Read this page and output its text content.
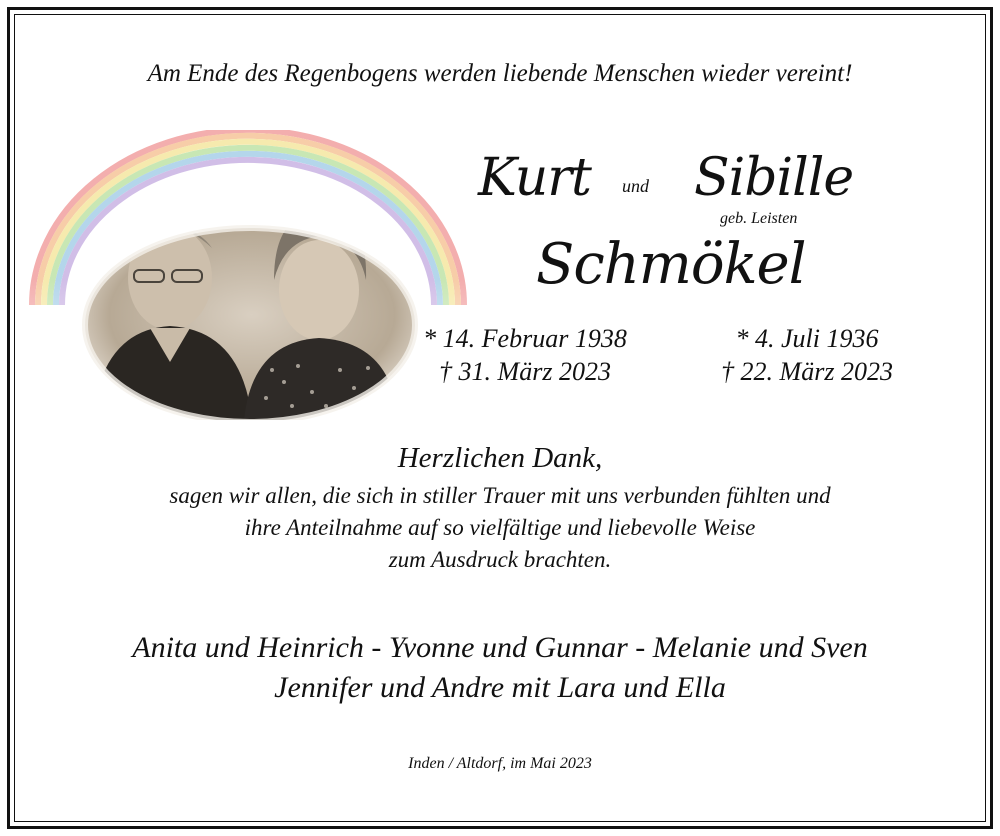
Am Ende des Regenbogens werden liebende Menschen wieder vereint!
Kurt und Sibille
geb. Leisten
Schmökel
* 14. Februar 1938
† 31. März 2023
* 4. Juli 1936
† 22. März 2023
Herzlichen Dank,
sagen wir allen, die sich in stiller Trauer mit uns verbunden fühlten und
ihre Anteilnahme auf so vielfältige und liebevolle Weise
zum Ausdruck brachten.
Anita und Heinrich - Yvonne und Gunnar - Melanie und Sven
Jennifer und Andre mit Lara und Ella
Inden / Altdorf, im Mai 2023
